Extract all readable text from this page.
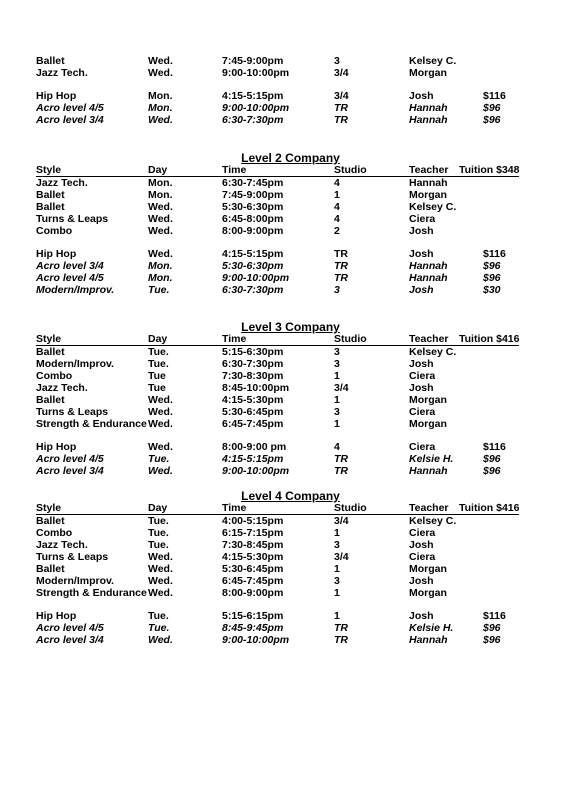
Ballet	Wed.	7:45-9:00pm	3	Kelsey C.
Jazz Tech.	Wed.	9:00-10:00pm	3/4	Morgan
Hip Hop	Mon.	4:15-5:15pm	3/4	Josh	$116
Acro level 4/5	Mon.	9:00-10:00pm	TR	Hannah	$96
Acro level 3/4	Wed.	6:30-7:30pm	TR	Hannah	$96
Level 2 Company
Style	Day	Time	Studio	Teacher Tuition $348
Jazz Tech.	Mon.	6:30-7:45pm	4	Hannah
Ballet	Mon.	7:45-9:00pm	1	Morgan
Ballet	Wed.	5:30-6:30pm	4	Kelsey C.
Turns & Leaps	Wed.	6:45-8:00pm	4	Ciera
Combo	Wed.	8:00-9:00pm	2	Josh
Hip Hop	Wed.	4:15-5:15pm	TR	Josh	$116
Acro level 3/4	Mon.	5:30-6:30pm	TR	Hannah	$96
Acro level 4/5	Mon.	9:00-10:00pm	TR	Hannah	$96
Modern/Improv.	Tue.	6:30-7:30pm	3	Josh	$30
Level 3 Company
Style	Day	Time	Studio	Teacher Tuition $416
Ballet	Tue.	5:15-6:30pm	3	Kelsey C.
Modern/Improv.	Tue.	6:30-7:30pm	3	Josh
Combo	Tue	7:30-8:30pm	1	Ciera
Jazz Tech.	Tue	8:45-10:00pm	3/4	Josh
Ballet	Wed.	4:15-5:30pm	1	Morgan
Turns & Leaps	Wed.	5:30-6:45pm	3	Ciera
Strength & Endurance Wed.	6:45-7:45pm	1	Morgan
Hip Hop	Wed.	8:00-9:00 pm	4	Ciera	$116
Acro level 4/5	Tue.	4:15-5:15pm	TR	Kelsie H.	$96
Acro level 3/4	Wed.	9:00-10:00pm	TR	Hannah	$96
Level 4 Company
Style	Day	Time	Studio	Teacher Tuition $416
Ballet	Tue.	4:00-5:15pm	3/4	Kelsey C.
Combo	Tue.	6:15-7:15pm	1	Ciera
Jazz Tech.	Tue.	7:30-8:45pm	3	Josh
Turns & Leaps	Wed.	4:15-5:30pm	3/4	Ciera
Ballet	Wed.	5:30-6:45pm	1	Morgan
Modern/Improv.	Wed.	6:45-7:45pm	3	Josh
Strength & Endurance Wed.	8:00-9:00pm	1	Morgan
Hip Hop	Tue.	5:15-6:15pm	1	Josh	$116
Acro level 4/5	Tue.	8:45-9:45pm	TR	Kelsie H.	$96
Acro level 3/4	Wed.	9:00-10:00pm	TR	Hannah	$96
